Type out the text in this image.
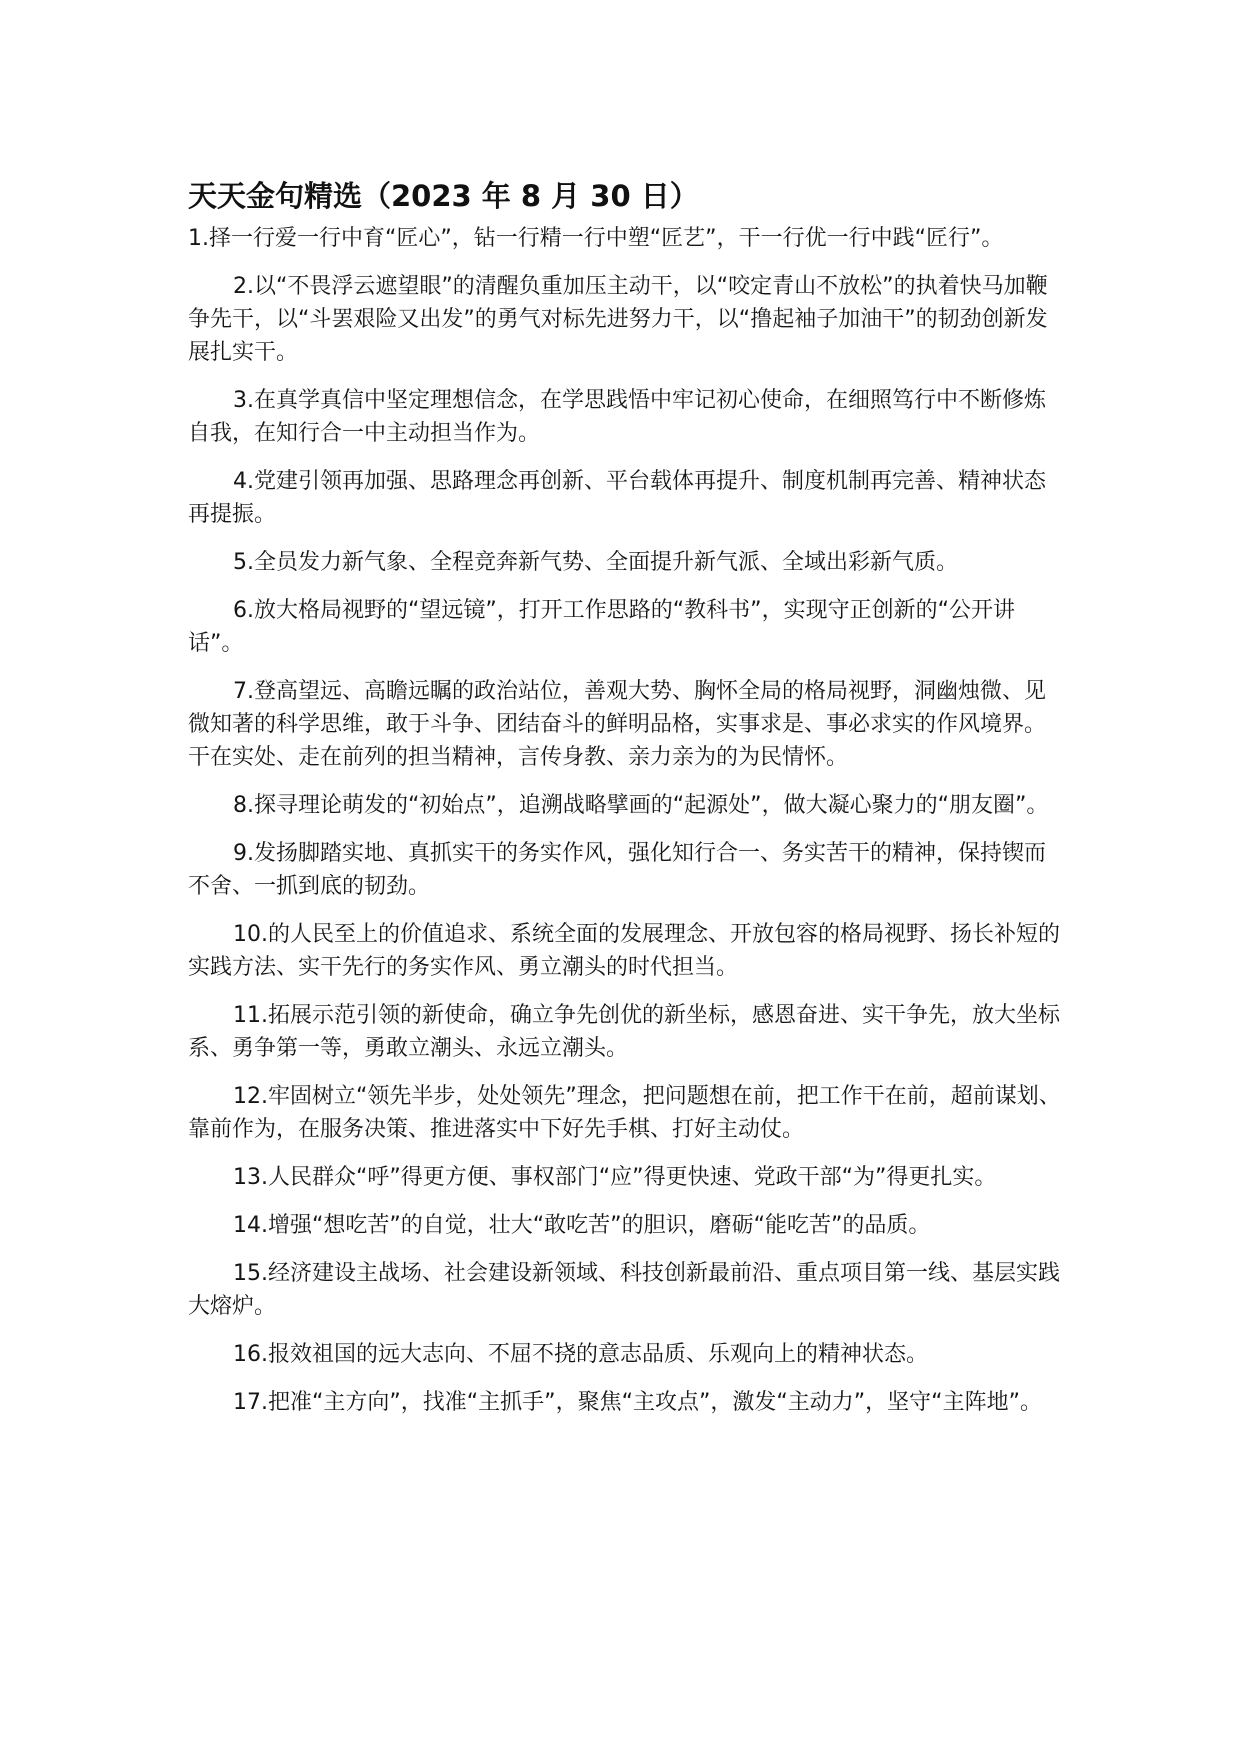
天天金句精选（2023 年 8 月 30 日）

1.择一行爱一行中育“匠心”，钻一行精一行中塑“匠艺”，干一行优一行中践“匠行”。

2.以“不畏浮云遮望眼”的清醒负重加压主动干，以“咬定青山不放松”的执着快马加鞭争先干，以“斗罢艰险又出发”的勇气对标先进努力干，以“撸起袖子加油干”的韧劲创新发展扎实干。

3.在真学真信中坚定理想信念，在学思践悟中牢记初心使命，在细照笃行中不断修炼自我，在知行合一中主动担当作为。

4.党建引领再加强、思路理念再创新、平台载体再提升、制度机制再完善、精神状态再提振。

5.全员发力新气象、全程竞奔新气势、全面提升新气派、全域出彩新气质。

6.放大格局视野的“望远镜”，打开工作思路的“教科书”，实现守正创新的“公开讲话”。

7.登高望远、高瞻远瞩的政治站位，善观大势、胸怀全局的格局视野，洞幽烛微、见微知著的科学思维，敢于斗争、团结奋斗的鲜明品格，实事求是、事必求实的作风境界。干在实处、走在前列的担当精神，言传身教、亲力亲为的为民情怀。

8.探寻理论萌发的“初始点”，追溯战略擘画的“起源处”，做大凝心聚力的“朋友圈”。

9.发扬脚踏实地、真抓实干的务实作风，强化知行合一、务实苦干的精神，保持锲而不舍、一抓到底的韧劲。

10.的人民至上的价值追求、系统全面的发展理念、开放包容的格局视野、扬长补短的实践方法、实干先行的务实作风、勇立潮头的时代担当。

11.拓展示范引领的新使命，确立争先创优的新坐标，感恩奋进、实干争先，放大坐标系、勇争第一等，勇敢立潮头、永远立潮头。

12.牢固树立“领先半步，处处领先”理念，把问题想在前，把工作干在前，超前谋划、靠前作为，在服务决策、推进落实中下好先手棋、打好主动仗。

13.人民群众“呼”得更方便、事权部门“应”得更快速、党政干部“为”得更扎实。

14.增强“想吃苦”的自觉，壮大“敢吃苦”的胆识，磨砺“能吃苦”的品质。

15.经济建设主战场、社会建设新领域、科技创新最前沿、重点项目第一线、基层实践大熔炉。

16.报效祖国的远大志向、不屈不挠的意志品质、乐观向上的精神状态。

17.把准“主方向”，找准“主抓手”，聚焦“主攻点”，激发“主动力”，坚守“主阵地”。
